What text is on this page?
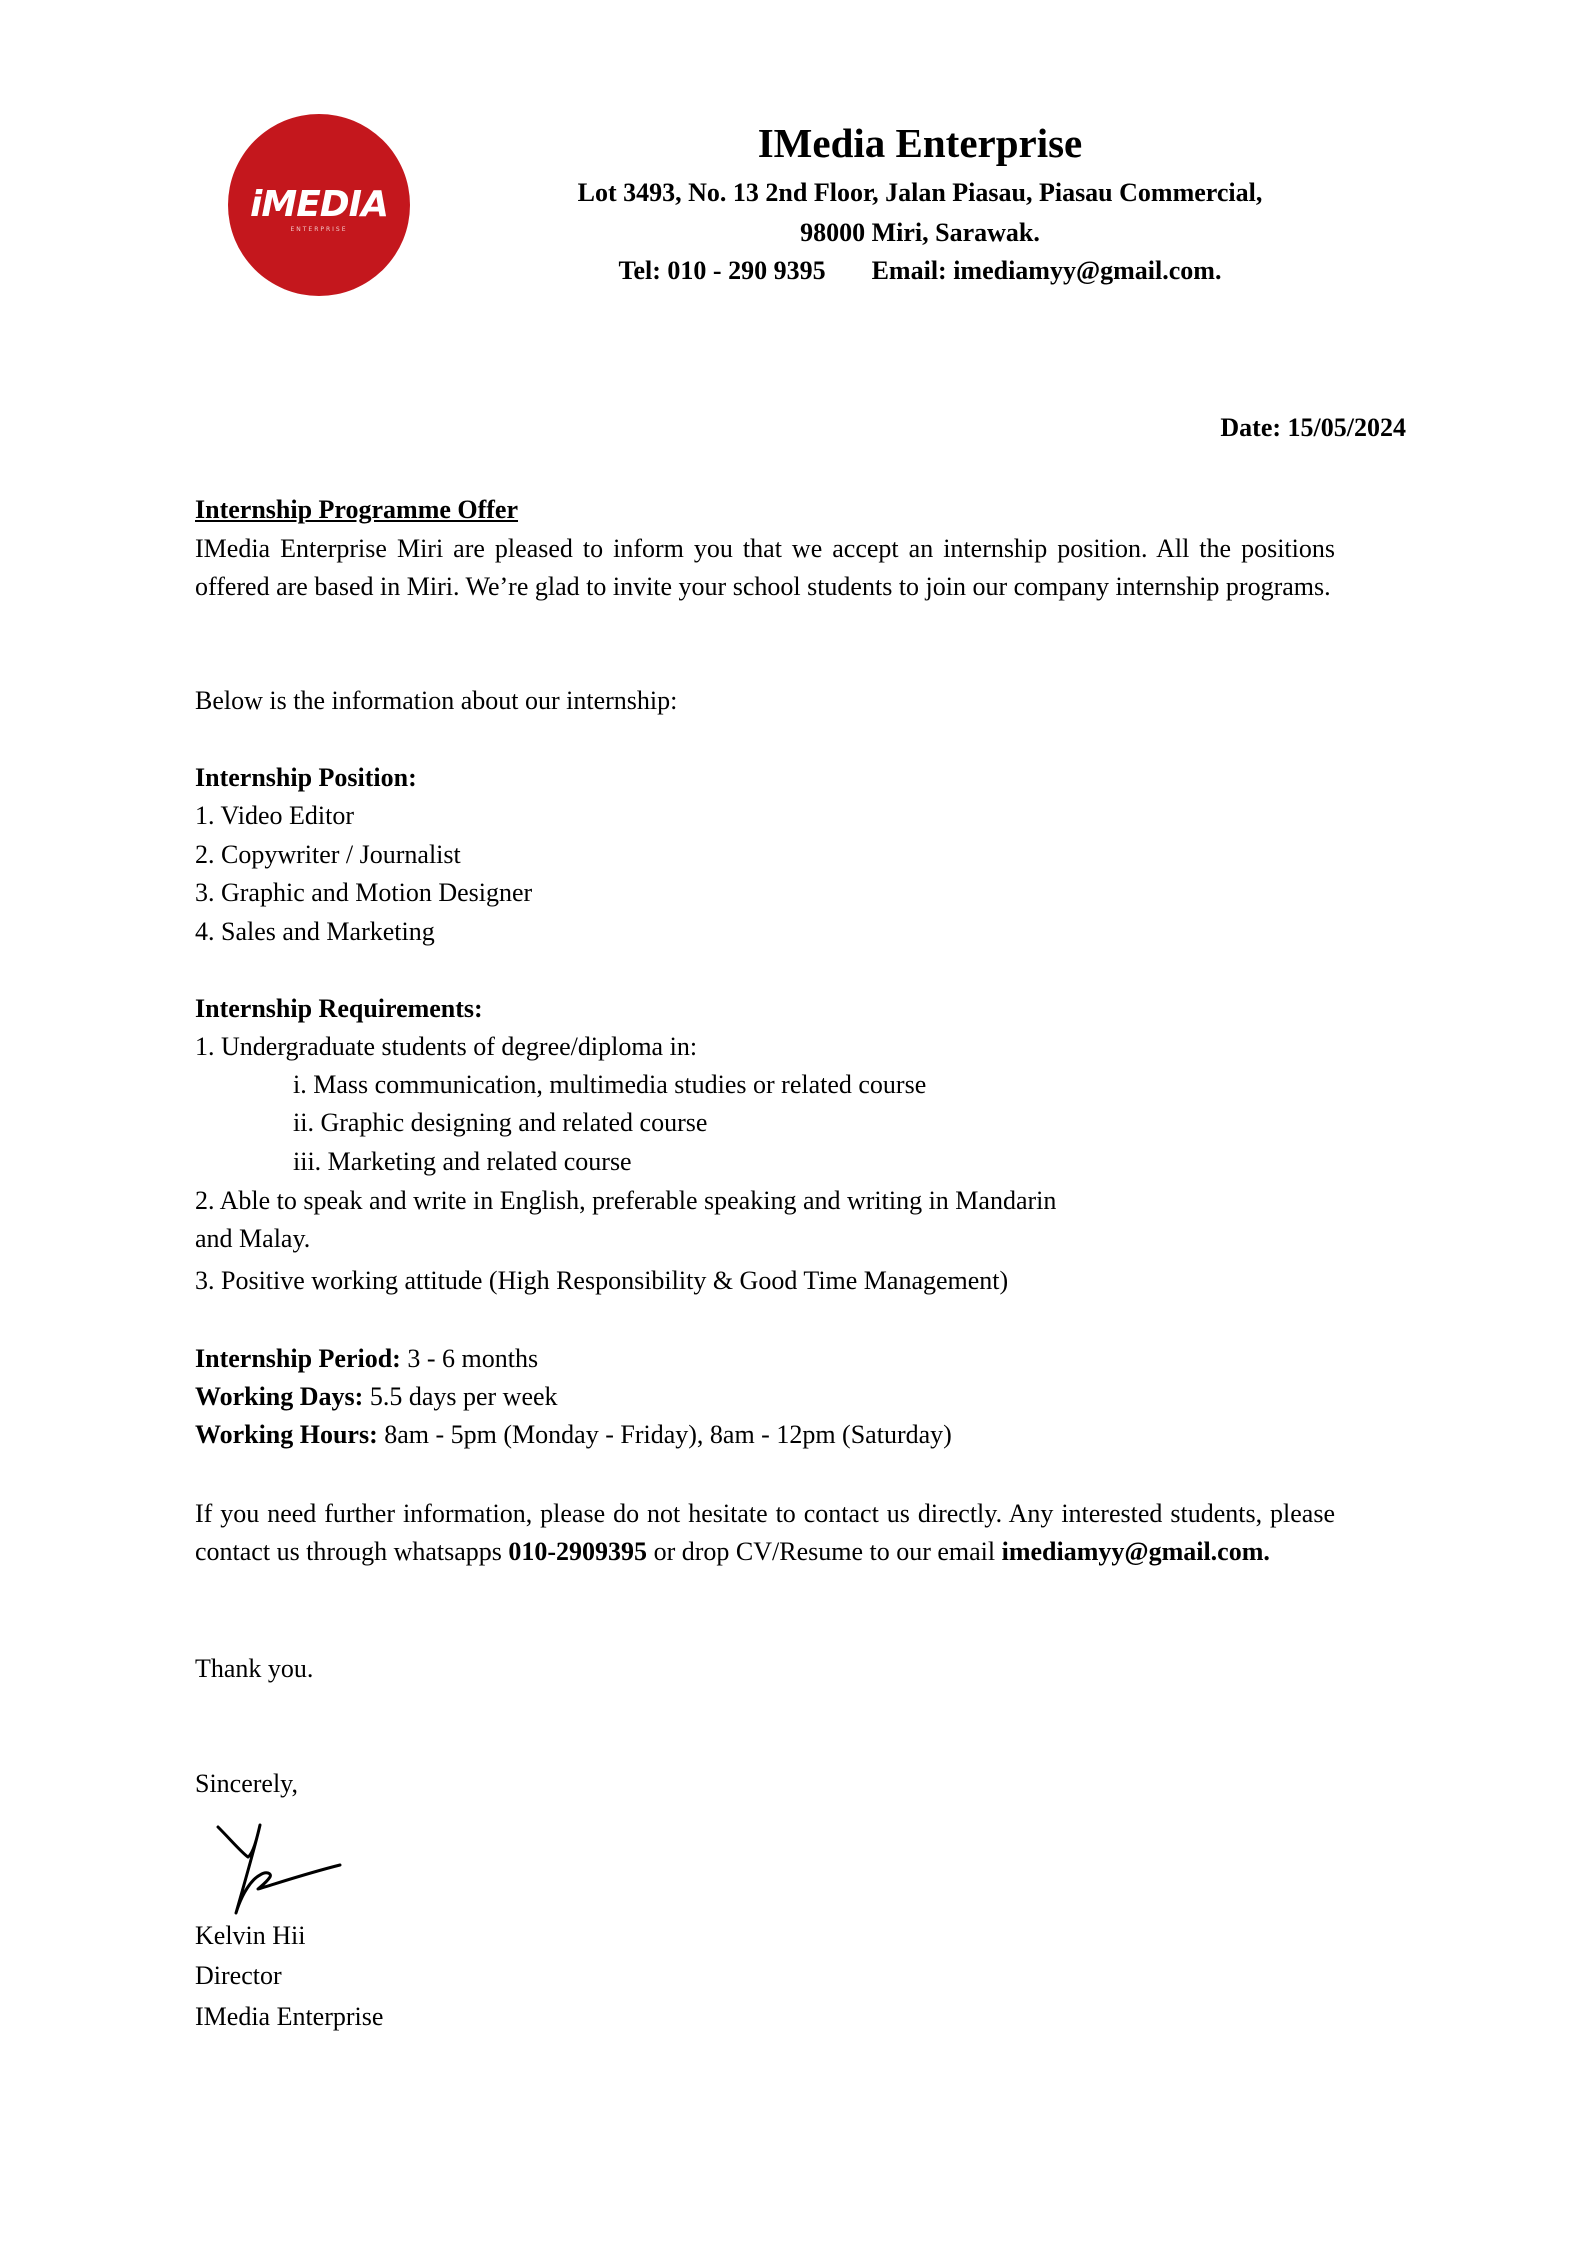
iMEDIA
ENTERPRISE
IMedia Enterprise
Lot 3493, No. 13 2nd Floor, Jalan Piasau, Piasau Commercial,
98000 Miri, Sarawak.
Tel: 010 - 290 9395 Email: imediamyy@gmail.com.
Date: 15/05/2024
Internship Programme Offer
IMedia Enterprise Miri are pleased to inform you that we accept an internship position. All the positions offered are based in Miri. We’re glad to invite your school students to join our company internship programs.
Below is the information about our internship:
Internship Position:
1. Video Editor
2. Copywriter / Journalist
3. Graphic and Motion Designer
4. Sales and Marketing
Internship Requirements:
1. Undergraduate students of degree/diploma in:
i. Mass communication, multimedia studies or related course
ii. Graphic designing and related course
iii. Marketing and related course
2. Able to speak and write in English, preferable speaking and writing in Mandarin
and Malay.
3. Positive working attitude (High Responsibility & Good Time Management)
Internship Period: 3 - 6 months
Working Days: 5.5 days per week
Working Hours: 8am - 5pm (Monday - Friday), 8am - 12pm (Saturday)
If you need further information, please do not hesitate to contact us directly. Any interested students, please contact us through whatsapps 010-2909395 or drop CV/Resume to our email imediamyy@gmail.com.
Thank you.
Sincerely,
Kelvin Hii
Director
IMedia Enterprise
